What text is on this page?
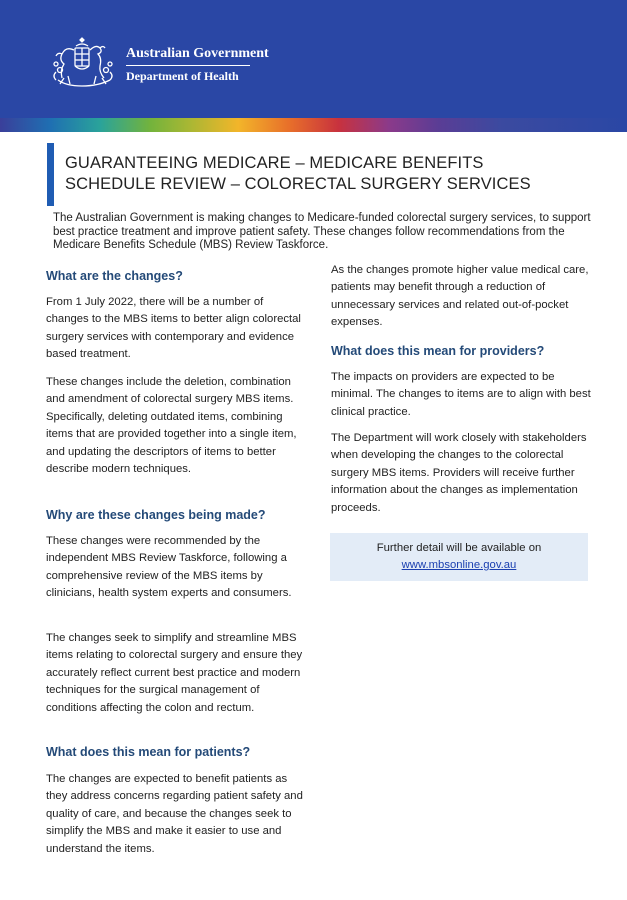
Australian Government
Department of Health
GUARANTEEING MEDICARE – MEDICARE BENEFITS
SCHEDULE REVIEW – COLORECTAL SURGERY SERVICES
The Australian Government is making changes to Medicare-funded colorectal surgery services, to support best practice treatment and improve patient safety. These changes follow recommendations from the Medicare Benefits Schedule (MBS) Review Taskforce.
What are the changes?

From 1 July 2022, there will be a number of changes to the MBS items to better align colorectal surgery services with contemporary and evidence based treatment.

These changes include the deletion, combination and amendment of colorectal surgery MBS items. Specifically, deleting outdated items, combining items that are provided together into a single item, and updating the descriptors of items to better describe modern techniques.

Why are these changes being made?

These changes were recommended by the independent MBS Review Taskforce, following a comprehensive review of the MBS items by clinicians, health system experts and consumers.

The changes seek to simplify and streamline MBS items relating to colorectal surgery and ensure they accurately reflect current best practice and modern techniques for the surgical management of conditions affecting the colon and rectum.

What does this mean for patients?

The changes are expected to benefit patients as they address concerns regarding patient safety and quality of care, and because the changes seek to simplify the MBS and make it easier to use and understand the items.

As the changes promote higher value medical care, patients may benefit through a reduction of unnecessary services and related out-of-pocket expenses.

What does this mean for providers?

The impacts on providers are expected to be minimal. The changes to items are to align with best clinical practice.

The Department will work closely with stakeholders when developing the changes to the colorectal surgery MBS items. Providers will receive further information about the changes as implementation proceeds.

Further detail will be available on
www.mbsonline.gov.au
